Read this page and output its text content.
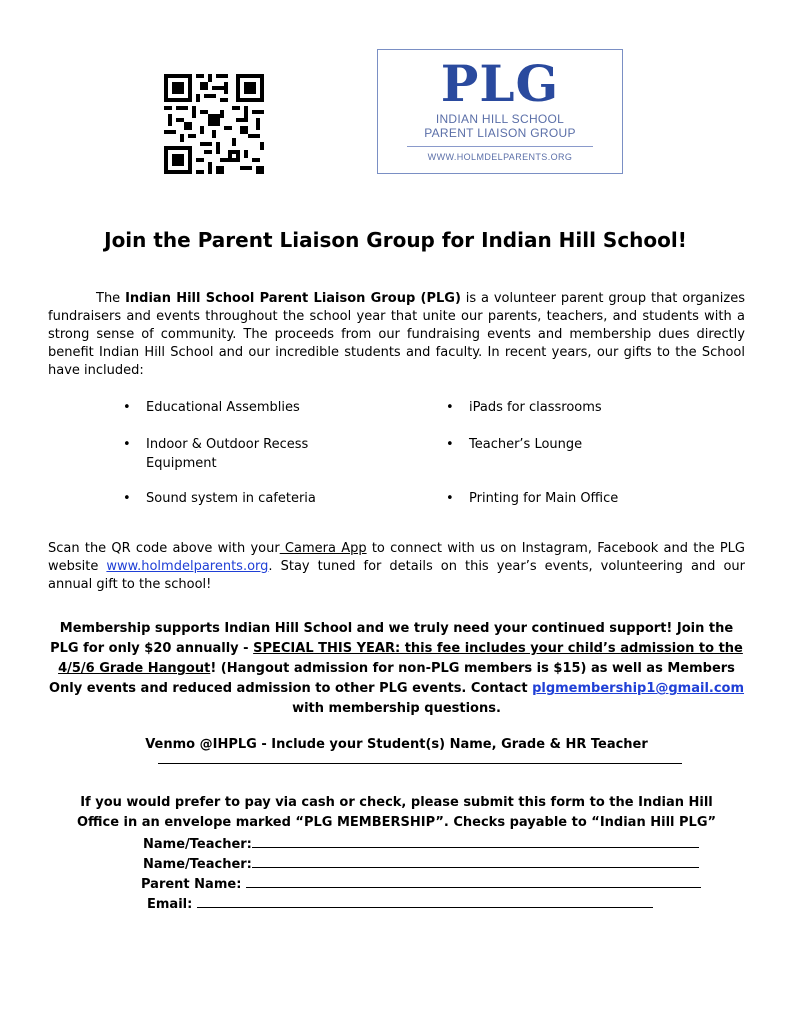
PLG
INDIAN HILL SCHOOL
PARENT LIAISON GROUP
WWW.HOLMDELPARENTS.ORG
Join the Parent Liaison Group for Indian Hill School!
The Indian Hill School Parent Liaison Group (PLG) is a volunteer parent group that organizes fundraisers and events throughout the school year that unite our parents, teachers, and students with a strong sense of community. The proceeds from our fundraising events and membership dues directly benefit Indian Hill School and our incredible students and faculty. In recent years, our gifts to the School have included:
• Educational Assemblies
• Indoor & Outdoor Recess Equipment
• Sound system in cafeteria
• iPads for classrooms
• Teacher’s Lounge
• Printing for Main Office
Scan the QR code above with your Camera App to connect with us on Instagram, Facebook and the PLG website www.holmdelparents.org. Stay tuned for details on this year’s events, volunteering and our annual gift to the school!
Membership supports Indian Hill School and we truly need your continued support! Join the PLG for only $20 annually - SPECIAL THIS YEAR: this fee includes your child’s admission to the 4/5/6 Grade Hangout! (Hangout admission for non-PLG members is $15) as well as Members Only events and reduced admission to other PLG events. Contact plgmembership1@gmail.com with membership questions.
Venmo @IHPLG - Include your Student(s) Name, Grade & HR Teacher
If you would prefer to pay via cash or check, please submit this form to the Indian Hill
Office in an envelope marked “PLG MEMBERSHIP”. Checks payable to “Indian Hill PLG”
Name/Teacher:
Name/Teacher:
Parent Name:
Email:
